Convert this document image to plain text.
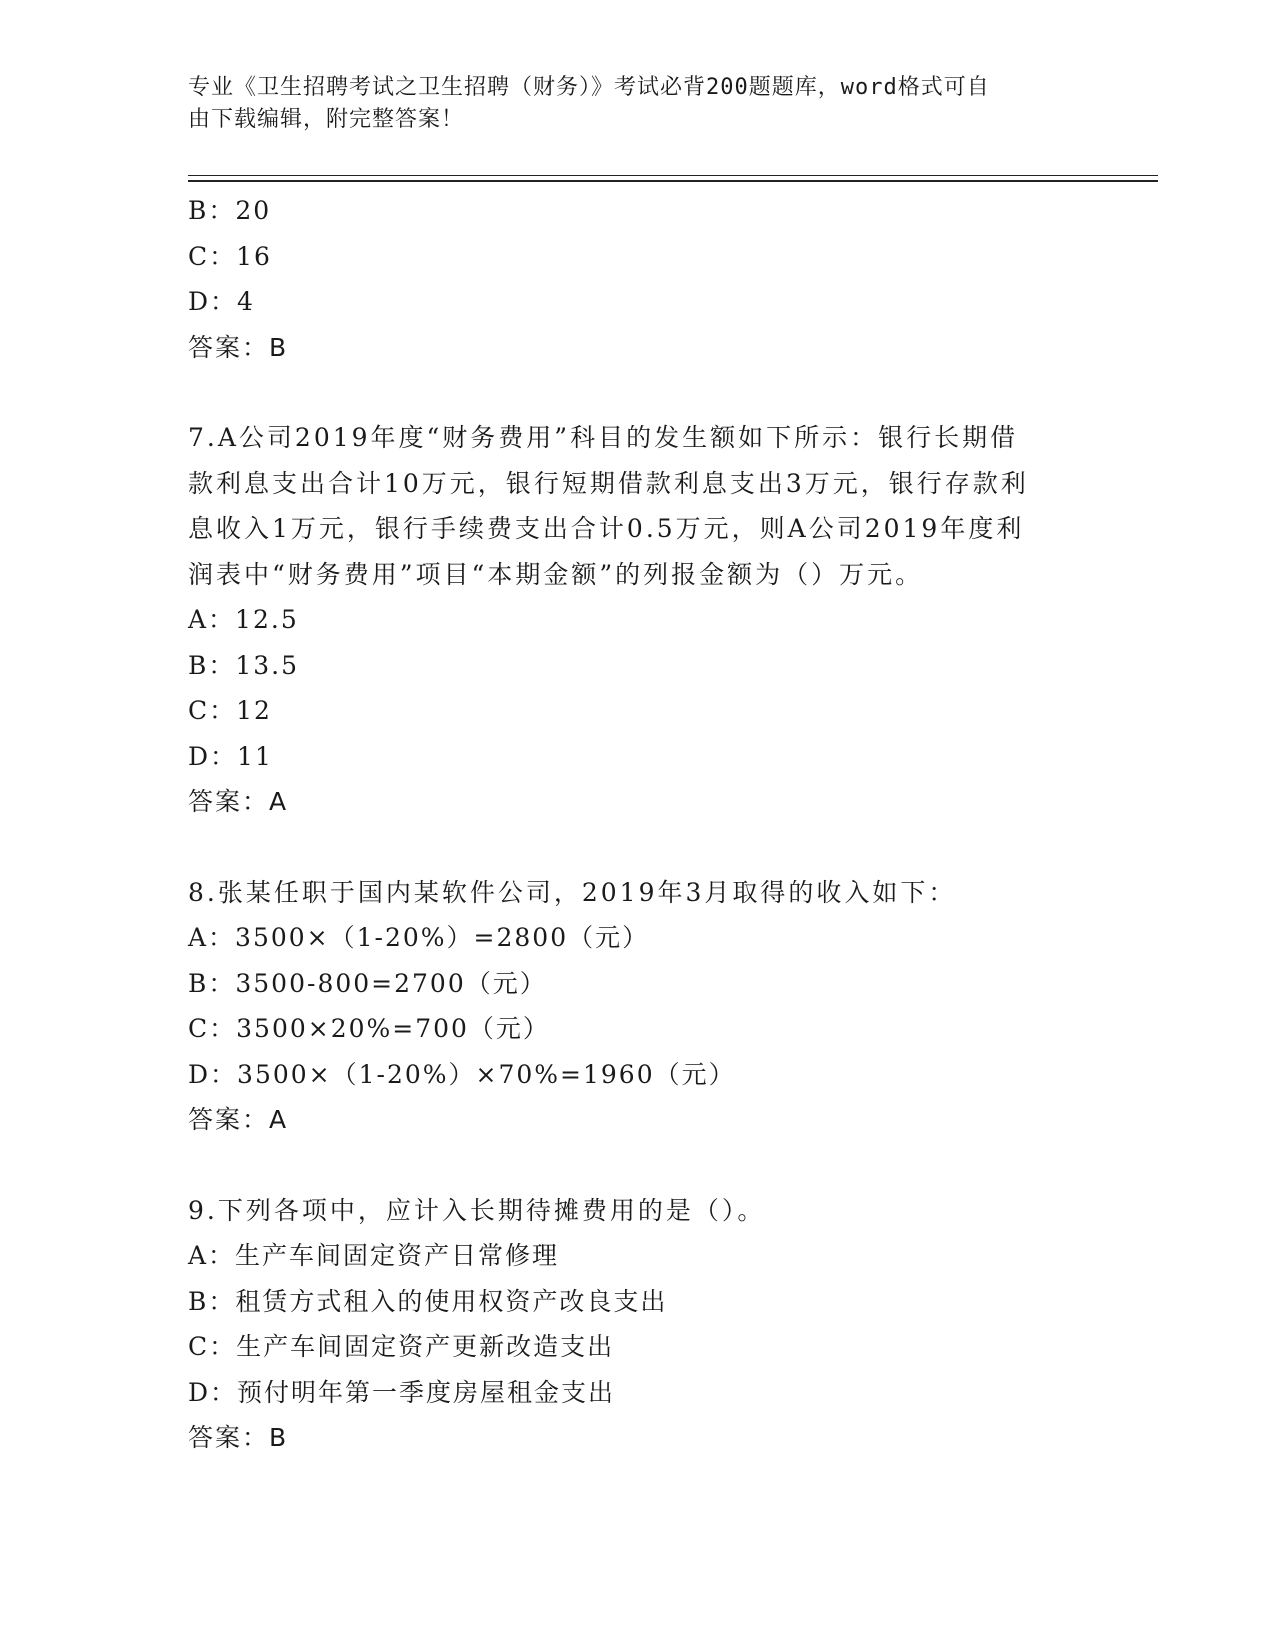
专业《卫生招聘考试之卫生招聘（财务）》考试必背200题题库，word格式可自
由下载编辑，附完整答案！
B：20
C：16
D：4
答案：B
7.A公司2019年度“财务费用”科目的发生额如下所示：银行长期借
款利息支出合计10万元，银行短期借款利息支出3万元，银行存款利
息收入1万元，银行手续费支出合计0.5万元，则A公司2019年度利
润表中“财务费用”项目“本期金额”的列报金额为（）万元。
A：12.5
B：13.5
C：12
D：11
答案：A
8.张某任职于国内某软件公司，2019年3月取得的收入如下：
A：3500×（1-20%）=2800（元）
B：3500-800=2700（元）
C：3500×20%=700（元）
D：3500×（1-20%）×70%=1960（元）
答案：A
9.下列各项中，应计入长期待摊费用的是（）。
A：生产车间固定资产日常修理
B：租赁方式租入的使用权资产改良支出
C：生产车间固定资产更新改造支出
D：预付明年第一季度房屋租金支出
答案：B
